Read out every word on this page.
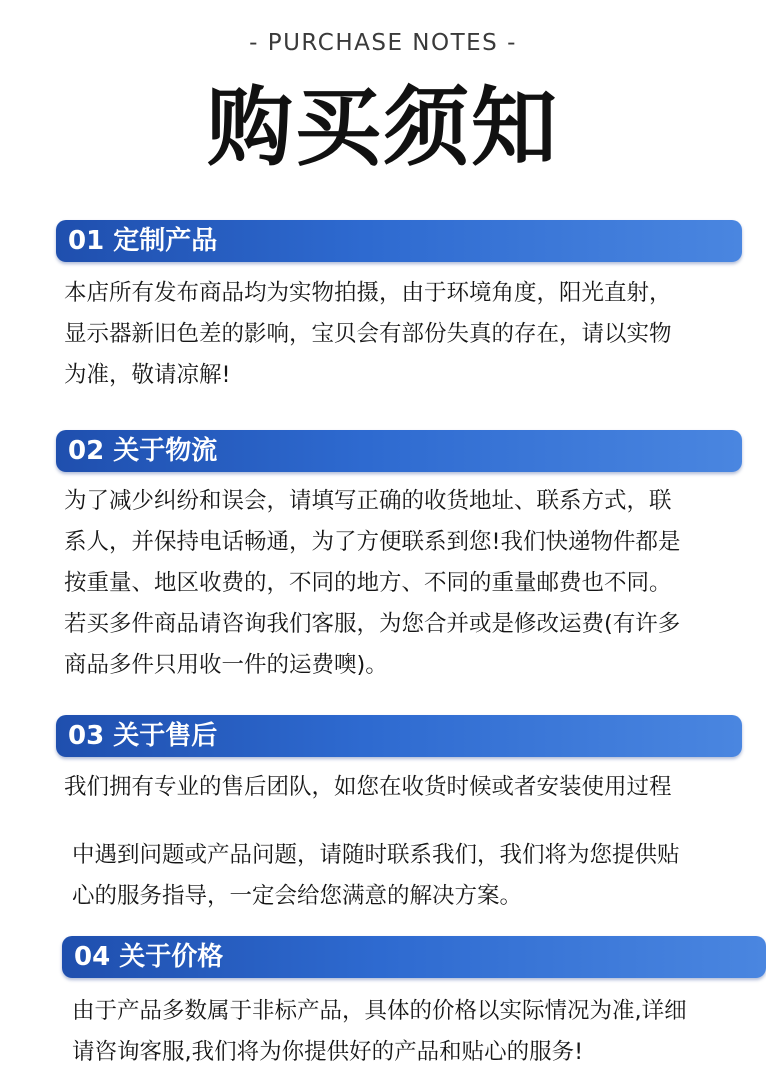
- PURCHASE NOTES -
购买须知
01 定制产品
本店所有发布商品均为实物拍摄，由于环境角度，阳光直射，
显示器新旧色差的影响，宝贝会有部份失真的存在，请以实物
为准，敬请凉解!
02 关于物流
为了减少纠纷和误会，请填写正确的收货地址、联系方式，联
系人，并保持电话畅通，为了方便联系到您!我们快递物件都是
按重量、地区收费的，不同的地方、不同的重量邮费也不同。
若买多件商品请咨询我们客服，为您合并或是修改运费(有许多
商品多件只用收一件的运费噢)。
03 关于售后
我们拥有专业的售后团队，如您在收货时候或者安装使用过程
中遇到问题或产品问题，请随时联系我们，我们将为您提供贴
心的服务指导，一定会给您满意的解决方案。
04 关于价格
由于产品多数属于非标产品，具体的价格以实际情况为准,详细
请咨询客服,我们将为你提供好的产品和贴心的服务!
